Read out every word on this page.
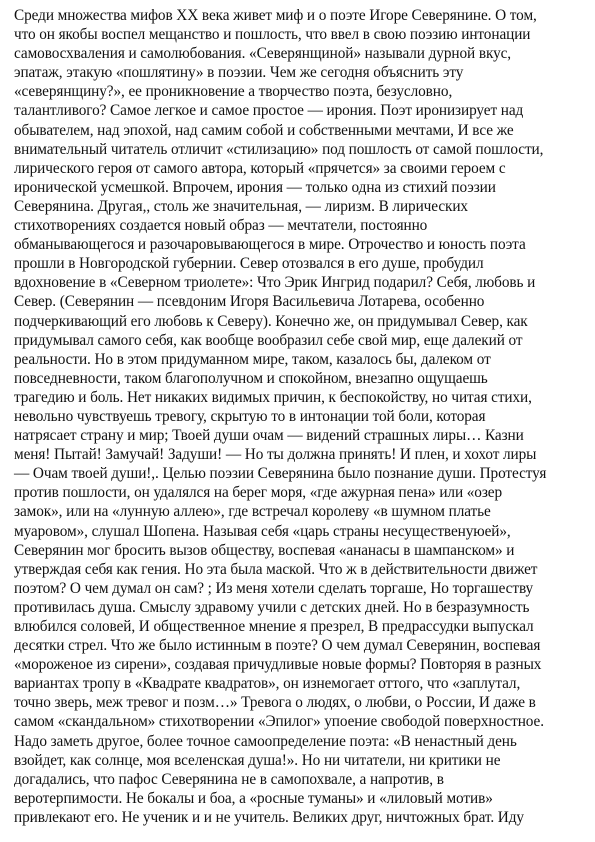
Среди множества мифов XX века живет миф и о поэте Игоре Северянине. О том,
что он якобы воспел мещанство и пошлость, что ввел в свою поэзию интонации
самовосхваления и самолюбования. «Северянщиной» называли дурной вкус,
эпатаж, этакую «пошлятину» в поэзии. Чем же сегодня объяснить эту
«северянщину?», ее проникновение а творчество поэта, безусловно,
талантливого? Самое легкое и самое простое — ирония. Поэт иронизирует над
обывателем, над эпохой, над самим собой и собственными мечтами, И все же
внимательный читатель отличит «стилизацию» под пошлость от самой пошлости,
лирического героя от самого автора, который «прячется» за своими героем с
иронической усмешкой. Впрочем, ирония — только одна из стихий поэзии
Северянина. Другая,, столь же значительная, — лиризм. В лирических
стихотворениях создается новый образ — мечтатели, постоянно
обманывающегося и разочаровывающегося в мире. Отрочество и юность поэта
прошли в Новгородской губернии. Север отозвался в его душе, пробудил
вдохновение в «Северном триолете»: Что Эрик Ингрид подарил? Себя, любовь и
Север. (Северянин — псевдоним Игоря Васильевича Лотарева, особенно
подчеркивающий его любовь к Северу). Конечно же, он придумывал Север, как
придумывал самого себя, как вообще вообразил себе свой мир, еще далекий от
реальности. Но в этом придуманном мире, таком, казалось бы, далеком от
повседневности, таком благополучном и спокойном, внезапно ощущаешь
трагедию и боль. Нет никаких видимых причин, к беспокойству, но читая стихи,
невольно чувствуешь тревогу, скрытую то в интонации той боли, которая
натрясает страну и мир; Твоей души очам — видений страшных лиры… Казни
меня! Пытай! Замучай! Задуши! — Но ты должна принять! И плен, и хохот лиры
— Очам твоей души!,. Целью поэзии Северянина было познание души. Протестуя
против пошлости, он удалялся на берег моря, «где ажурная пена» или «озер
замок», или на «лунную аллею», где встречал королеву «в шумном платье
муаровом», слушал Шопена. Называя себя «царь страны несущественуюей»,
Северянин мог бросить вызов обществу, воспевая «ананасы в шампанском» и
утверждая себя как гения. Но эта была маской. Что ж в действительности движет
поэтом? О чем думал он сам? ; Из меня хотели сделать торгаше, Но торгашеству
противилась душа. Смыслу здравому учили с детских дней. Но в безразумность
влюбился соловей, И общественное мнение я презрел, В предрассудки выпускал
десятки стрел. Что же было истинным в поэте? О чем думал Северянин, воспевая
«мороженое из сирени», создавая причудливые новые формы? Повторяя в разных
вариантах тропу в «Квадрате квадратов», он изнемогает оттого, что «заплутал,
точно зверь, меж тревог и позм…» Тревога о людях, о любви, о России, И даже в
самом «скандальном» стихотворении «Эпилог» упоение свободой поверхностное.
Надо заметь другое, более точное самоопределение поэта: «В ненастный день
взойдет, как солнце, моя вселенская душа!». Но ни читатели, ни критики не
догадались, что пафос Северянина не в самопохвале, а напротив, в
веротерпимости. Не бокалы и боа, а «росные туманы» и «лиловый мотив»
привлекают его. Не ученик и и не учитель. Великих друг, ничтожных брат. Иду
